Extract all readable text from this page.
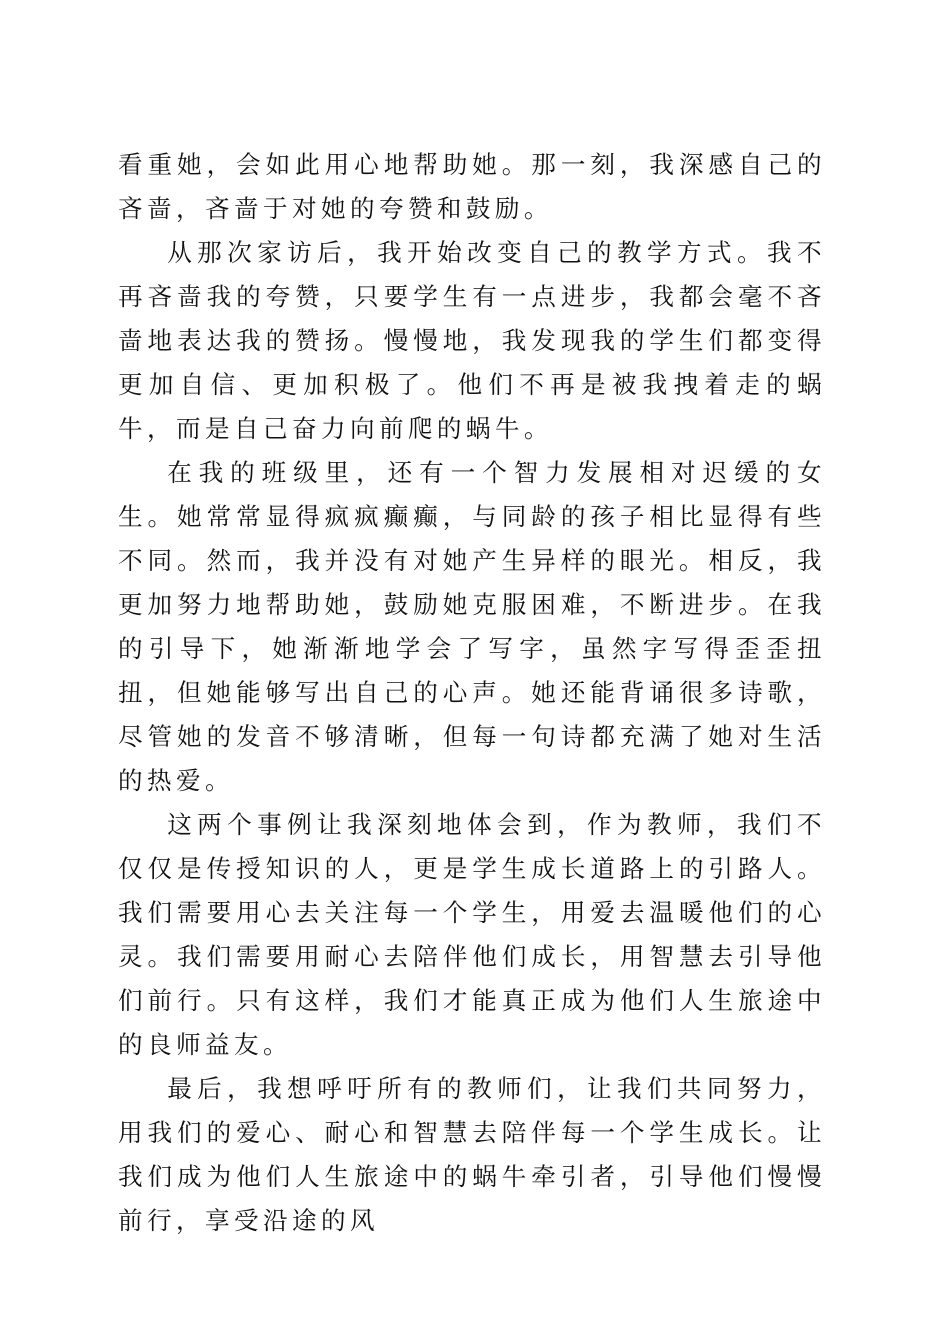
看重她，会如此用心地帮助她。那一刻，我深感自己的吝啬，吝啬于对她的夸赞和鼓励。

从那次家访后，我开始改变自己的教学方式。我不再吝啬我的夸赞，只要学生有一点进步，我都会毫不吝啬地表达我的赞扬。慢慢地，我发现我的学生们都变得更加自信、更加积极了。他们不再是被我拽着走的蜗牛，而是自己奋力向前爬的蜗牛。

在我的班级里，还有一个智力发展相对迟缓的女生。她常常显得疯疯癫癫，与同龄的孩子相比显得有些不同。然而，我并没有对她产生异样的眼光。相反，我更加努力地帮助她，鼓励她克服困难，不断进步。在我的引导下，她渐渐地学会了写字，虽然字写得歪歪扭扭，但她能够写出自己的心声。她还能背诵很多诗歌，尽管她的发音不够清晰，但每一句诗都充满了她对生活的热爱。

这两个事例让我深刻地体会到，作为教师，我们不仅仅是传授知识的人，更是学生成长道路上的引路人。我们需要用心去关注每一个学生，用爱去温暖他们的心灵。我们需要用耐心去陪伴他们成长，用智慧去引导他们前行。只有这样，我们才能真正成为他们人生旅途中的良师益友。

最后，我想呼吁所有的教师们，让我们共同努力，用我们的爱心、耐心和智慧去陪伴每一个学生成长。让我们成为他们人生旅途中的蜗牛牵引者，引导他们慢慢前行，享受沿途的风
